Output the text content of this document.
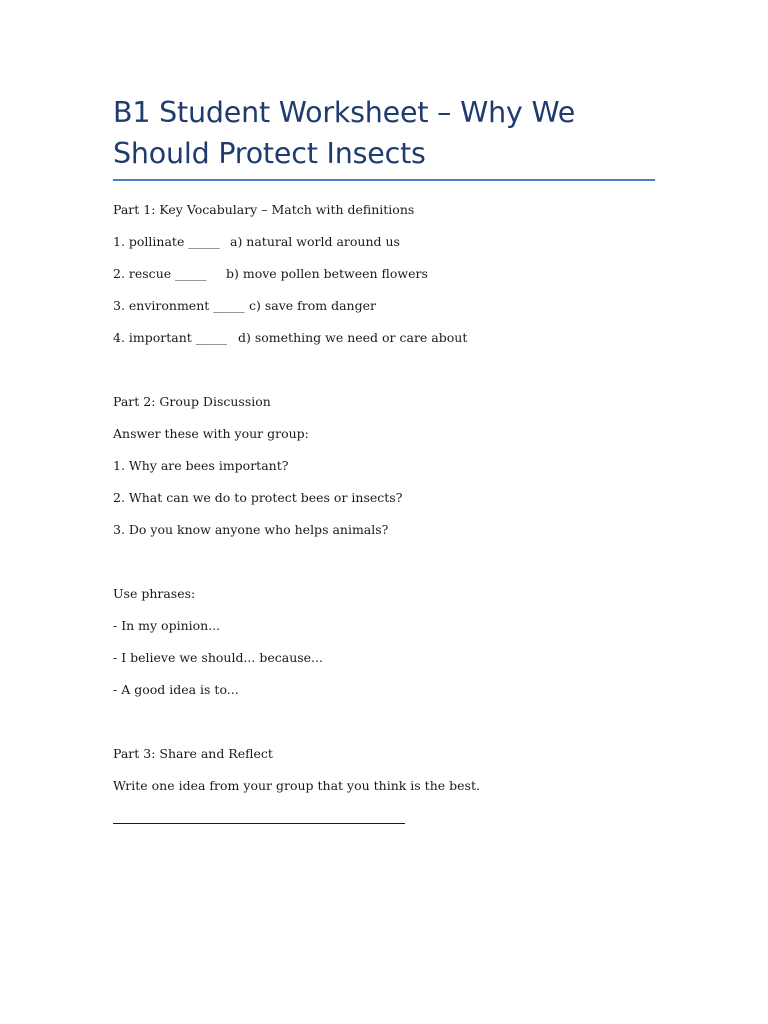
B1 Student Worksheet – Why We Should Protect Insects

Part 1: Key Vocabulary – Match with definitions

1. pollinate _____ a) natural world around us

2. rescue _____ b) move pollen between flowers

3. environment _____ c) save from danger

4. important _____ d) something we need or care about

Part 2: Group Discussion

Answer these with your group:

1. Why are bees important?

2. What can we do to protect bees or insects?

3. Do you know anyone who helps animals?

Use phrases:

- In my opinion...

- I believe we should... because...

- A good idea is to...

Part 3: Share and Reflect

Write one idea from your group that you think is the best.
